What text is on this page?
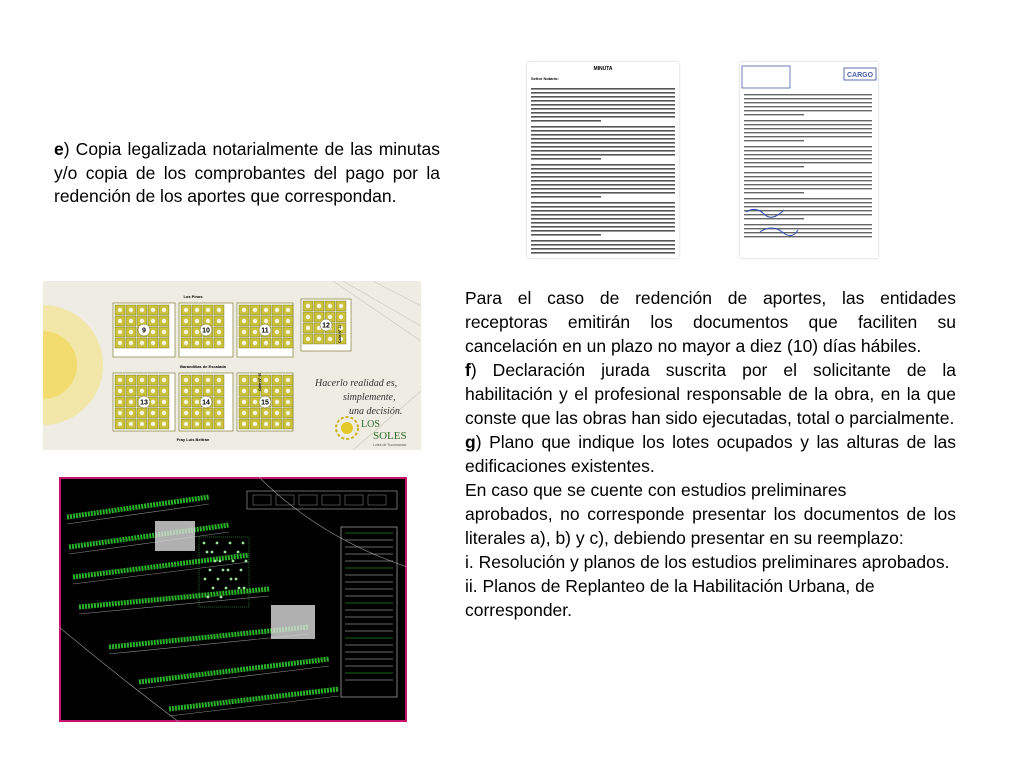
e) Copia legalizada notarialmente de las minutas y/o copia de los comprobantes del pago por la redención de los aportes que correspondan.
MINUTA
Señor Notario:	CARGO
9	10	11
12
13	14	15
Los Pinos
Barandillas de Escalada
Fray Luis Beltrán
Calle N° 10
Calle N° 11
Hacerlo realidad es,
simplemente,
una decisión.
LOS
SOLES
Lotes de Tucumanaw

Para el caso de redención de aportes, las entidades receptoras emitirán los documentos que faciliten su cancelación en un plazo no mayor a diez (10) días hábiles.

f) Declaración jurada suscrita por el solicitante de la habilitación y el profesional responsable de la obra, en la que conste que las obras han sido ejecutadas, total o parcialmente.

g) Plano que indique los lotes ocupados y las alturas de las edificaciones existentes.

En caso que se cuente con estudios preliminares

aprobados, no corresponde presentar los documentos de los literales a), b) y c), debiendo presentar en su reemplazo:

i. Resolución y planos de los estudios preliminares aprobados.

ii. Planos de Replanteo de la Habilitación Urbana, de corresponder.
